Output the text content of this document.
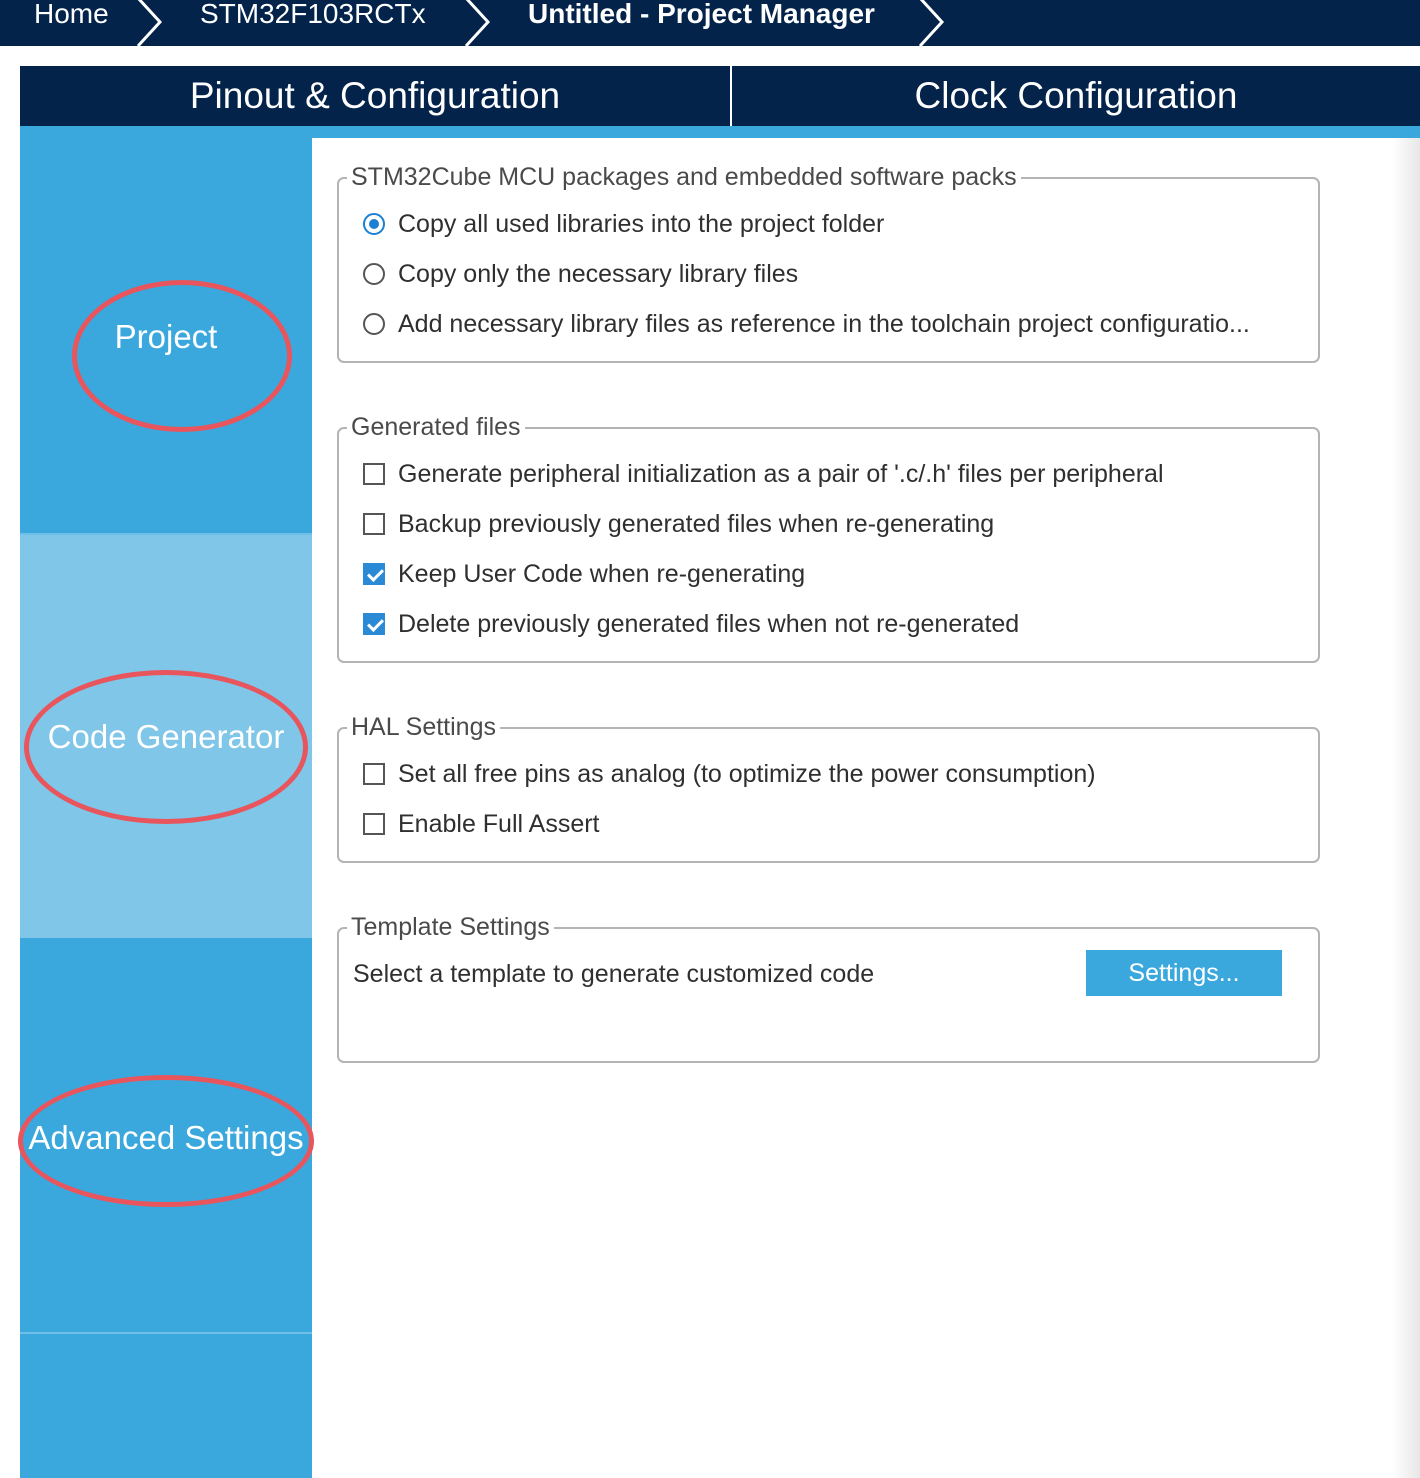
Home	STM32F103RCTx	Untitled - Project Manager
Pinout & Configuration	Clock Configuration
Project
Code Generator
Advanced Settings
STM32Cube MCU packages and embedded software packs
Copy all used libraries into the project folder
Copy only the necessary library files
Add necessary library files as reference in the toolchain project configuratio...
Generated files
Generate peripheral initialization as a pair of '.c/.h' files per peripheral
Backup previously generated files when re-generating
Keep User Code when re-generating
Delete previously generated files when not re-generated
HAL Settings
Set all free pins as analog (to optimize the power consumption)
Enable Full Assert
Template Settings
Select a template to generate customized code	Settings...
